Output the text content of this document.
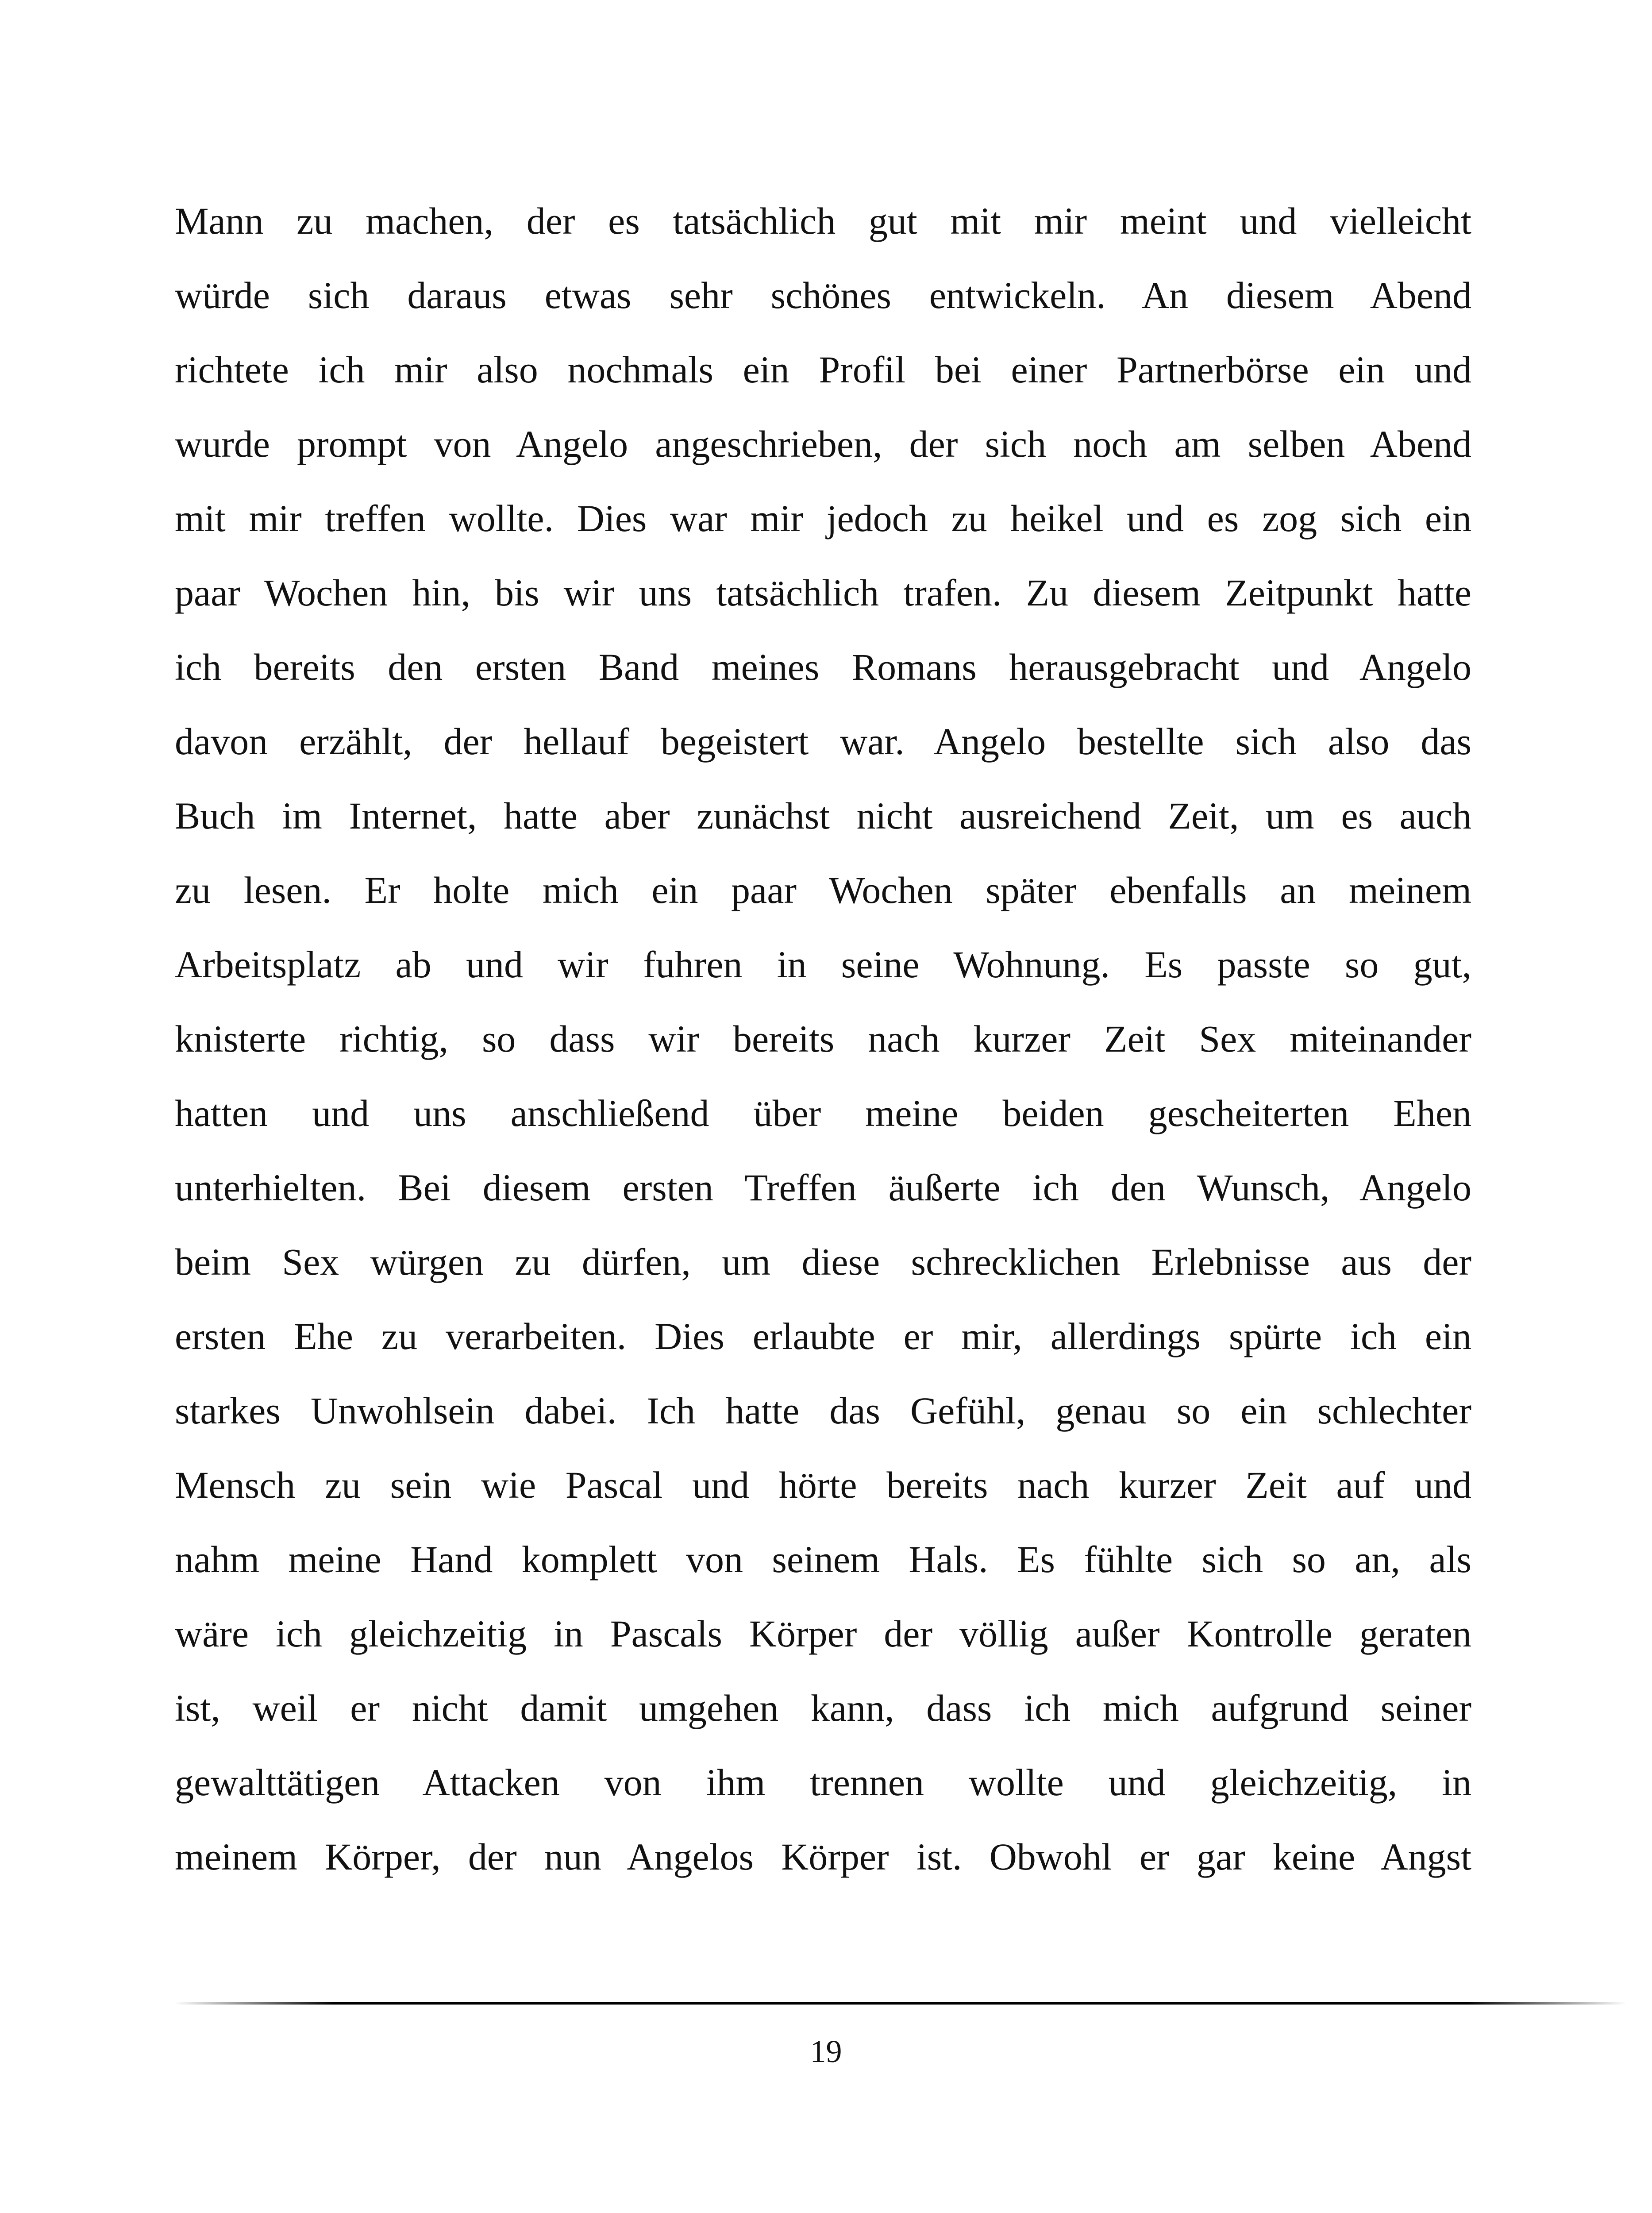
Mann zu machen, der es tatsächlich gut mit mir meint und vielleicht
würde sich daraus etwas sehr schönes entwickeln. An diesem Abend
richtete ich mir also nochmals ein Profil bei einer Partnerbörse ein und
wurde prompt von Angelo angeschrieben, der sich noch am selben Abend
mit mir treffen wollte. Dies war mir jedoch zu heikel und es zog sich ein
paar Wochen hin, bis wir uns tatsächlich trafen. Zu diesem Zeitpunkt hatte
ich bereits den ersten Band meines Romans herausgebracht und Angelo
davon erzählt, der hellauf begeistert war. Angelo bestellte sich also das
Buch im Internet, hatte aber zunächst nicht ausreichend Zeit, um es auch
zu lesen. Er holte mich ein paar Wochen später ebenfalls an meinem
Arbeitsplatz ab und wir fuhren in seine Wohnung. Es passte so gut,
knisterte richtig, so dass wir bereits nach kurzer Zeit Sex miteinander
hatten und uns anschließend über meine beiden gescheiterten Ehen
unterhielten. Bei diesem ersten Treffen äußerte ich den Wunsch, Angelo
beim Sex würgen zu dürfen, um diese schrecklichen Erlebnisse aus der
ersten Ehe zu verarbeiten. Dies erlaubte er mir, allerdings spürte ich ein
starkes Unwohlsein dabei. Ich hatte das Gefühl, genau so ein schlechter
Mensch zu sein wie Pascal und hörte bereits nach kurzer Zeit auf und
nahm meine Hand komplett von seinem Hals. Es fühlte sich so an, als
wäre ich gleichzeitig in Pascals Körper der völlig außer Kontrolle geraten
ist, weil er nicht damit umgehen kann, dass ich mich aufgrund seiner
gewalttätigen Attacken von ihm trennen wollte und gleichzeitig, in
meinem Körper, der nun Angelos Körper ist. Obwohl er gar keine Angst
19
